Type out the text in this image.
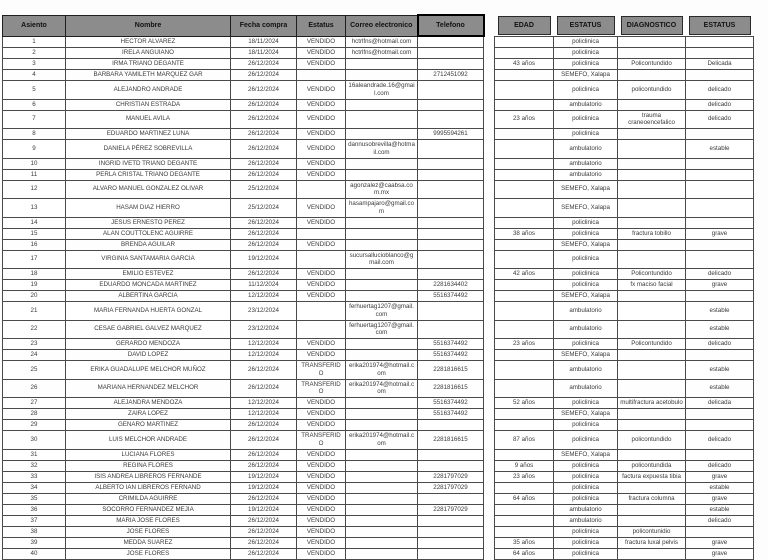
Asiento	Nombre	Fecha compra	Estatus	Correo electronico	Telefono		EDAD	ESTATUS	DIAGNOSTICO	ESTATUS

1	HECTOR ALVAREZ	18/11/2024	VENDIDO	hctrlfns@hotmail.com				policlinica		
2	IRELA ANGUIANO	18/11/2024	VENDIDO	hctrlfns@hotmail.com				policlinica		
3	IRMA TRIANO DEGANTE	26/12/2024	VENDIDO				43 años	policlinica	Policontundido	Delicada
4	BARBARA YAMILETH MARQUEZ GAR	26/12/2024			2712451092			SEMEFO, Xalapa		
5	ALEJANDRO ANDRADE	26/12/2024	VENDIDO	16aleandrade.16@gmail.com				policlinica	policontundido	delicado
6	CHRISTIAN ESTRADA	26/12/2024	VENDIDO					ambulatorio		delicado
7	MANUEL AVILA	26/12/2024	VENDIDO				23 años	policlinica	trauma craneoencefalico	delicado
8	EDUARDO MARTINEZ LUNA	26/12/2024	VENDIDO		9995594261			policlinica		
9	DANIELA PÉREZ SOBREVILLA	26/12/2024	VENDIDO	dannusobrevilla@hotmail.com				ambulatorio		estable
10	INGRID IVETD TRIANO DEGANTE	26/12/2024	VENDIDO					ambulatorio		
11	PERLA CRISTAL TRIANO DEGANTE	26/12/2024	VENDIDO					ambulatorio		
12	ALVARO MANUEL GONZALEZ OLIVAR	25/12/2024		agonzalez@caabsa.com.mx				SEMEFO, Xalapa		
13	HASAM DIAZ HIERRO	25/12/2024	VENDIDO	hasampajaro@gmail.com				SEMEFO, Xalapa		
14	JESUS ERNESTO PEREZ	26/12/2024	VENDIDO					policlinica		
15	ALAN COUTTOLENC AGUIRRE	26/12/2024					38 años	policlinica	fractura tobillo	grave
16	BRENDA AGUILAR	26/12/2024	VENDIDO					SEMEFO, Xalapa		
17	VIRGINIA SANTAMARIA GARCIA	19/12/2024		sucursallucioblanco@gmail.com				policlinica		
18	EMILIO ESTEVEZ	26/12/2024	VENDIDO				42 años	policlinica	Policontundido	delicado
19	EDUARDO MONCADA MARTINEZ	11/12/2024	VENDIDO		2281634402			policlinica	fx maciso facial	grave
20	ALBERTINA GARCIA	12/12/2024	VENDIDO		5516374492			SEMEFO, Xalapa		
21	MARIA FERNANDA HUERTA GONZAL	23/12/2024		ferhuertag1207@gmail.com				ambulatorio		estable
22	CESAE GABRIEL GALVEZ MARQUEZ	23/12/2024		ferhuertag1207@gmail.com				ambulatorio		estable
23	GERARDO MENDOZA	12/12/2024	VENDIDO		5516374492		23 años	policlinica	Policontundido	delicado
24	DAVID LOPEZ	12/12/2024	VENDIDO		5516374492			SEMEFO, Xalapa		
25	ERIKA GUADALUPE MELCHOR MUÑOZ	26/12/2024	TRANSFERIDO	erika201974@hotmail.com	2281816615			ambulatorio		estable
26	MARIANA HERNANDEZ MELCHOR	26/12/2024	TRANSFERIDO	erika201974@hotmail.com	2281816615			ambulatorio		estable
27	ALEJANDRA MENDOZA	12/12/2024	VENDIDO		5516374492		52 años	policlinica	multifractura acetobulo	delicada
28	ZAIRA LOPEZ	12/12/2024	VENDIDO		5516374492			SEMEFO, Xalapa		
29	GENARO MARTINEZ	26/12/2024	VENDIDO					policlinica		
30	LUIS MELCHOR ANDRADE	26/12/2024	TRANSFERIDO	erika201974@hotmail.com	2281816615		87 años	policlinica	policontundido	delicado
31	LUCIANA FLORES	26/12/2024	VENDIDO					SEMEFO, Xalapa		
32	REGINA FLORES	26/12/2024	VENDIDO				9 años	policlinica	policontundida	delicado
33	ISIS ANDREA LIBREROS FERNANDE	19/12/2024	VENDIDO		2281797029		23 años	policlinica	factura expuesta tibia	grave
34	ALBERTO IAN LIBREROS FERNAND	19/12/2024	VENDIDO		2281797029			policlinica		estable
35	CRIMILDA AGUIRRE	26/12/2024	VENDIDO				64 años	policlinica	fractura columna	grave
36	SOCORRO FERNANDEZ MEJIA	19/12/2024	VENDIDO		2281797029			ambulatorio		estable
37	MARIA JOSE FLORES	26/12/2024	VENDIDO					ambulatorio		delicado
38	JOSE FLORES	26/12/2024	VENDIDO					policlinica	policontunidio	
39	MEDDA SUAREZ	26/12/2024	VENDIDO				35 años	policlinica	fractura luxal pelvis	grave
40	JOSE FLORES	26/12/2024	VENDIDO				64 años	policlinica		grave
